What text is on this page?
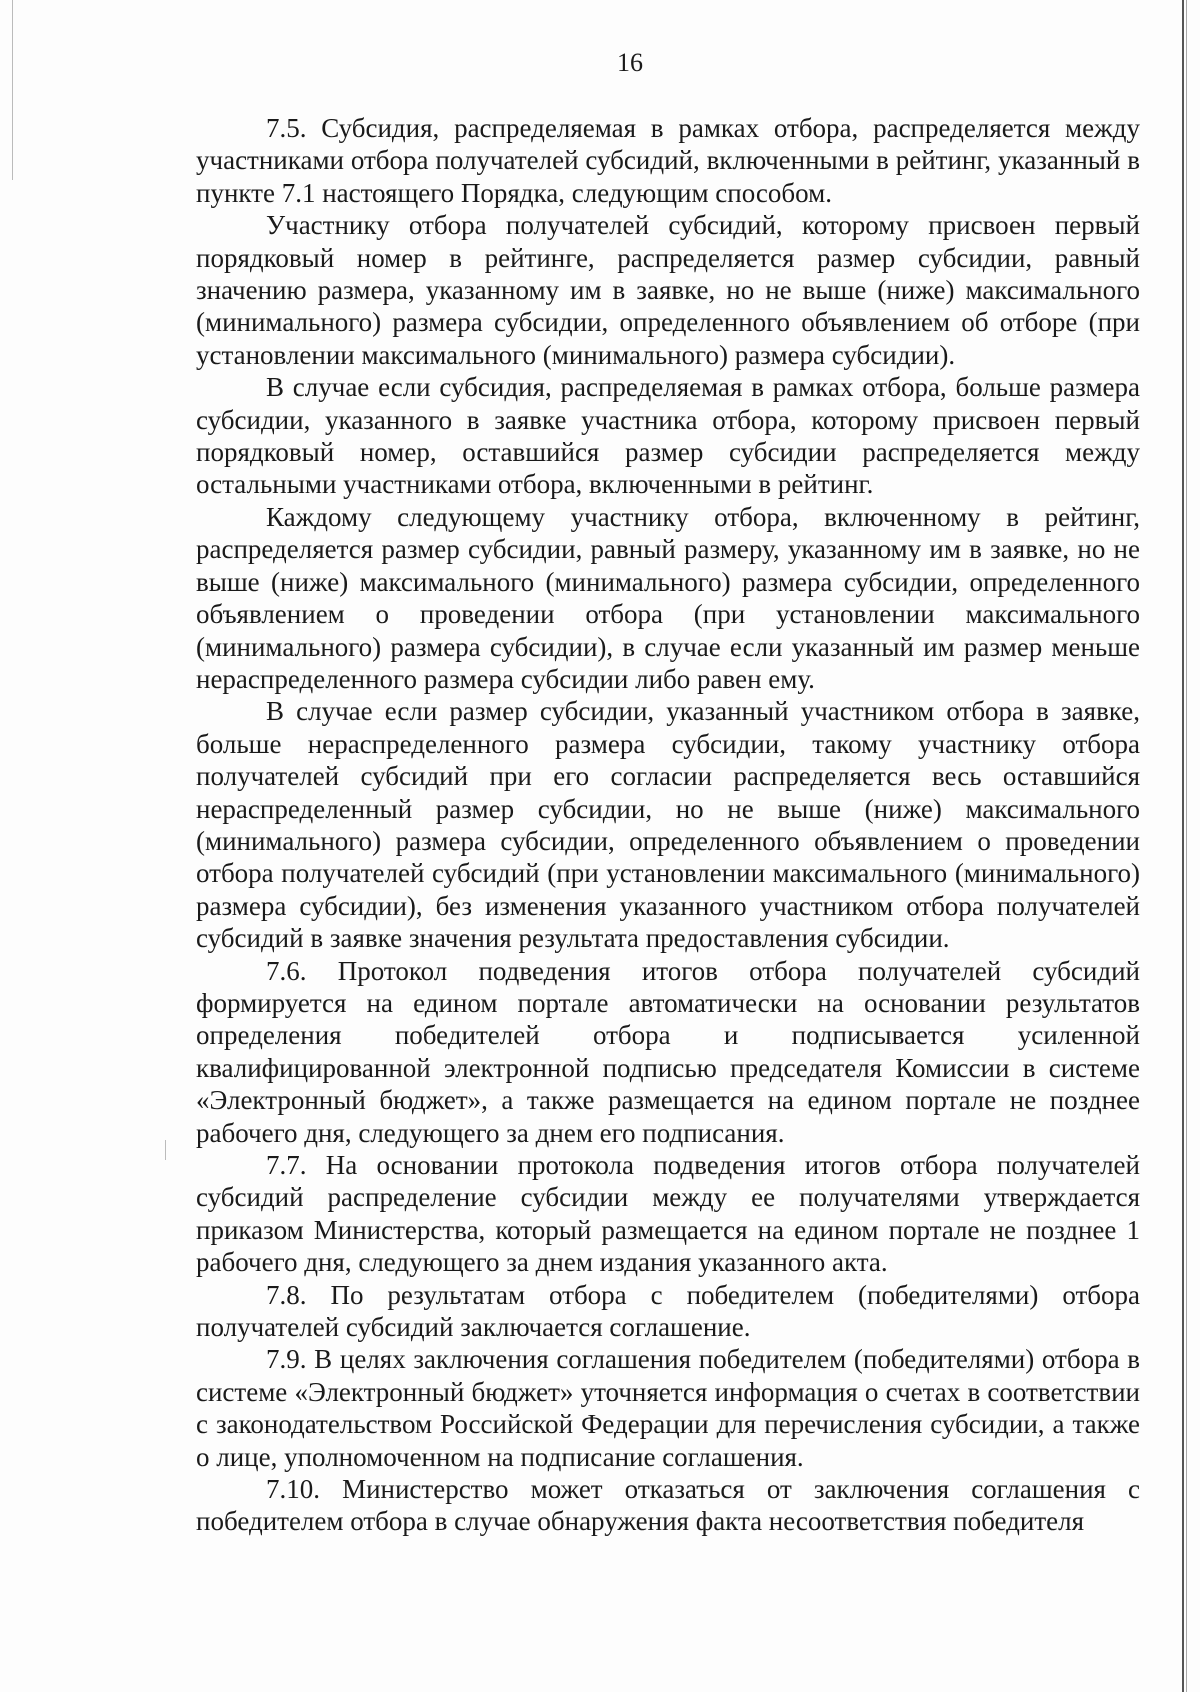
16

7.5. Субсидия, распределяемая в рамках отбора, распределяется между участниками отбора получателей субсидий, включенными в рейтинг, указанный в пункте 7.1 настоящего Порядка, следующим способом.

Участнику отбора получателей субсидий, которому присвоен первый порядковый номер в рейтинге, распределяется размер субсидии, равный значению размера, указанному им в заявке, но не выше (ниже) максимального (минимального) размера субсидии, определенного объявлением об отборе (при установлении максимального (минимального) размера субсидии).

В случае если субсидия, распределяемая в рамках отбора, больше размера субсидии, указанного в заявке участника отбора, которому присвоен первый порядковый номер, оставшийся размер субсидии распределяется между остальными участниками отбора, включенными в рейтинг.

Каждому следующему участнику отбора, включенному в рейтинг, распределяется размер субсидии, равный размеру, указанному им в заявке, но не выше (ниже) максимального (минимального) размера субсидии, определенного объявлением о проведении отбора (при установлении максимального (минимального) размера субсидии), в случае если указанный им размер меньше нераспределенного размера субсидии либо равен ему.

В случае если размер субсидии, указанный участником отбора в заявке, больше нераспределенного размера субсидии, такому участнику отбора получателей субсидий при его согласии распределяется весь оставшийся нераспределенный размер субсидии, но не выше (ниже) максимального (минимального) размера субсидии, определенного объявлением о проведении отбора получателей субсидий (при установлении максимального (минимального) размера субсидии), без изменения указанного участником отбора получателей субсидий в заявке значения результата предоставления субсидии.

7.6. Протокол подведения итогов отбора получателей субсидий формируется на едином портале автоматически на основании результатов определения победителей отбора и подписывается усиленной квалифицированной электронной подписью председателя Комиссии в системе «Электронный бюджет», а также размещается на едином портале не позднее рабочего дня, следующего за днем его подписания.

7.7. На основании протокола подведения итогов отбора получателей субсидий распределение субсидии между ее получателями утверждается приказом Министерства, который размещается на едином портале не позднее 1 рабочего дня, следующего за днем издания указанного акта.

7.8. По результатам отбора с победителем (победителями) отбора получателей субсидий заключается соглашение.

7.9. В целях заключения соглашения победителем (победителями) отбора в системе «Электронный бюджет» уточняется информация о счетах в соответствии с законодательством Российской Федерации для перечисления субсидии, а также о лице, уполномоченном на подписание соглашения.

7.10. Министерство может отказаться от заключения соглашения с победителем отбора в случае обнаружения факта несоответствия победителя
